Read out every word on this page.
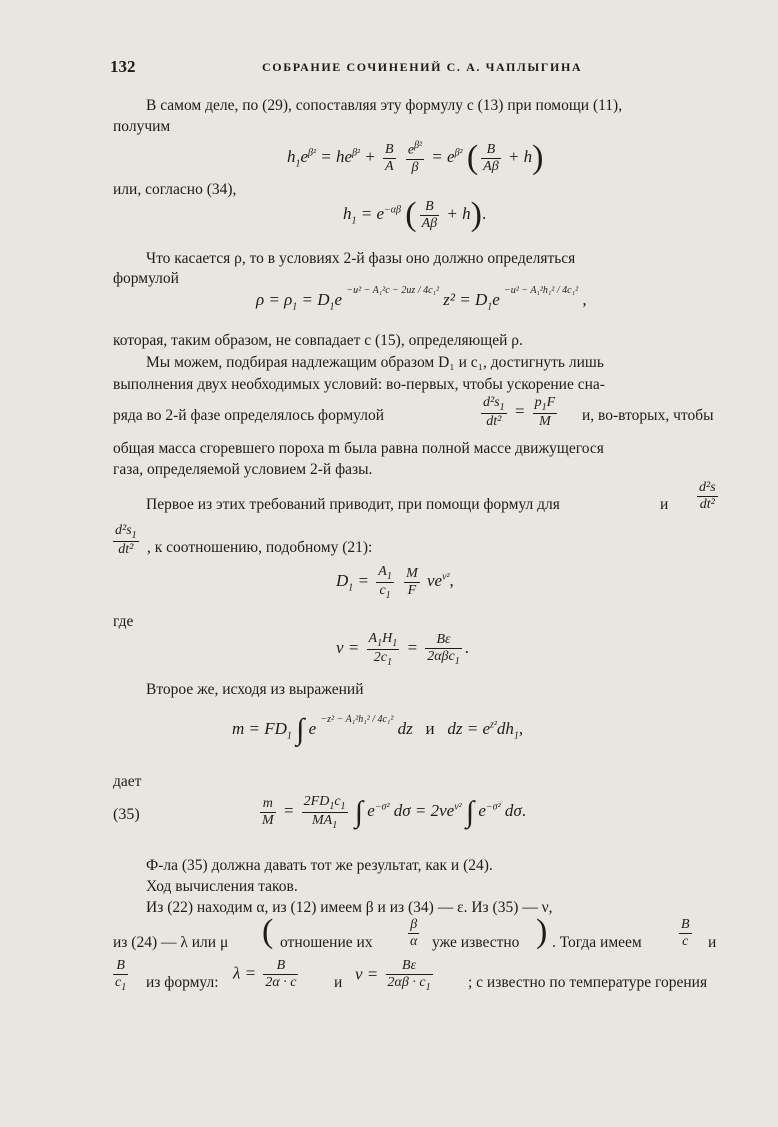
132	СОБРАНИЕ СОЧИНЕНИЙ С. А. ЧАПЛЫГИНА
В самом деле, по (29), сопоставляя эту формулу с (13) при помощи (11),
получим
$h_1e^{\beta^2} = he^{\beta^2} + \frac{B}{A}$
$\frac{e^{\beta^2}}{\beta} = e^{\beta^2}$ ( $\frac{B}{A\beta} + h$)
или, согласно (34),
$h_1 = e^{-\alpha\beta}$ ( $\frac{B}{A\beta} + h$).
Что касается ρ, то в условиях 2-й фазы оно должно определяться
формулой
$\rho = \rho_1 = D_1e$ $^{-u^2 - A_1^2c - 2uz / 4c_1^2}$ $z^2 = D_1e$ $^{-u^2 - A_1^2h_1^2 / 4c_1^2}$ ,
которая, таким образом, не совпадает с (15), определяющей ρ.
Мы можем, подбирая надлежащим образом D₁ и c₁, достигнуть лишь
выполнения двух необходимых условий: во-первых, чтобы ускорение сна-
ряда во 2-й фазе определялось формулой	$\frac{d^2s_1}{\text{dt²}} = \frac{p_1F}{M} и$, во-вторых, чтобы
общая масса сгоревшего пороха m была равна полной массе движущегося
газа, определяемой условием 2-й фазы.
Первое из этих требований приводит, при помощи формул для	$\frac{\text{d²s}}{\text{dt²}}$
и
$\frac{d^2s_1}{\text{dt²}}$ , к соотношению, подобному (21):
$D_1 = \frac{A_1}{c_1}$
$\frac{M}{F} \nu e^{\nu^2}$,
где
$\nu = \frac{A_1H_1}{2c_1}$ =	Bε
2αβc$_1$
.
Второе же, исходя из выражений
$m = FD_1$ ∫ e $^{-z^2 - A_1^2h_1^2 / 4c_1^2}$ dz   и   dz = $e^{z^2}dh_1$,
дает
(35)	$\frac{m}{M} = \frac{2FD_1c_1}{MA_1}$ ∫ $e^{-\sigma^2}$ $d\sigma = 2\nu e^{\nu^2}$ ∫ $e^{-\sigma^2}$ dσ.
Ф-ла (35) должна давать тот же результат, как и (24).
Ход вычисления таков.
Из (22) находим α, из (12) имеем β и из (34) — ε. Из (35) — ν,
из (24) — λ или μ ( отношение их	$\frac{\beta}{\alpha}$ уже известно ) . Тогда имеем	$\frac{B}{c}$ и
$\frac{B}{c_1}$ из формул:
$\lambda = \frac{B}{2\alpha \cdot c}$ и $\nu = \frac{B\varepsilon}{2\alpha\beta \cdot c_1}$ ; c известно по температуре горения
